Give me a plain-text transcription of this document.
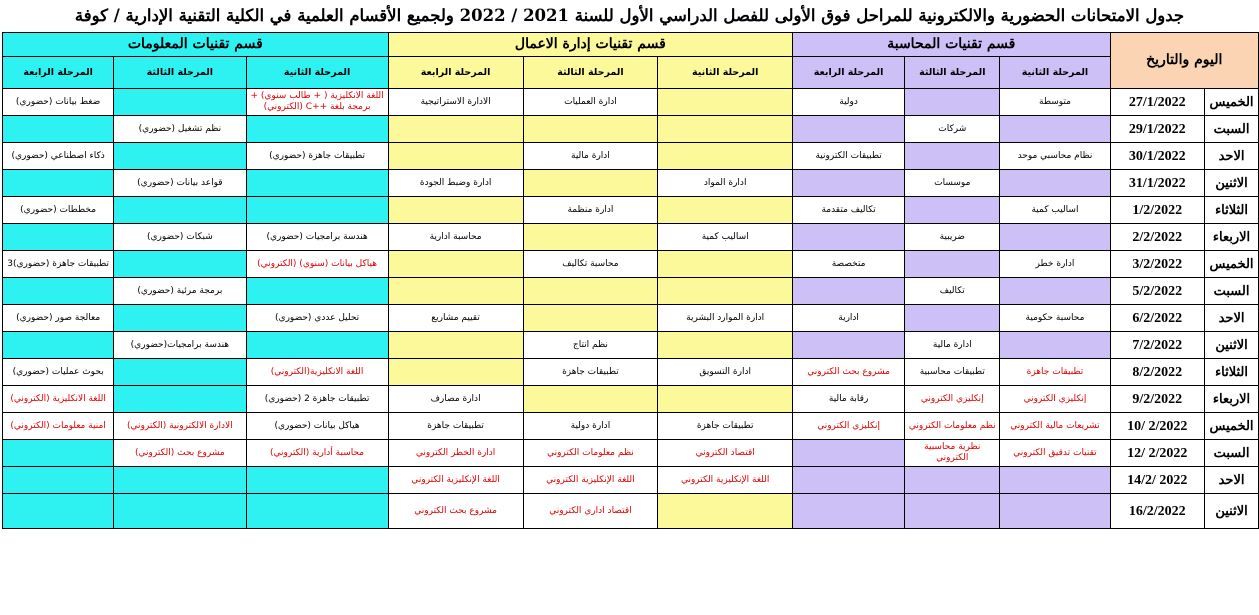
جدول الامتحانات الحضورية والالكترونية للمراحل فوق الأولى للفصل الدراسي الأول للسنة 2021 / 2022 ولجميع الأقسام العلمية في الكلية التقنية الإدارية / كوفة
اليوم والتاريخ		قسم تقنيات المحاسبة			قسم تقنيات إدارة الاعمال			قسم تقنيات المعلومات		
		المرحلة الثانية	المرحلة الثالثة	المرحلة الرابعة	المرحلة الثانية	المرحلة الثالثة	المرحلة الرابعة	المرحلة الثانية	المرحلة الثالثة	المرحلة الرابعة
الخميس	27/1/2022	متوسطة		دولية		ادارة العمليات	الادارة الاستراتيجية	اللغة الانكليزية ( + طالب سنوي) + برمجة بلغة ++C (الكتروني)		ضغط بيانات (حضوري)
السبت	29/1/2022		شركات						نظم تشغيل (حضوري)	
الاحد	30/1/2022	نظام محاسبي موحد		تطبيقات الكترونية		ادارة مالية		تطبيقات جاهزة (حضوري)		ذكاء اصطناعي (حضوري)
الاثنين	31/1/2022		موسسات		ادارة المواد		ادارة وضبط الجودة		قواعد بيانات (حضوري)	
الثلاثاء	1/2/2022	اساليب كمية		تكاليف متقدمة		ادارة منظمة				مخططات (حضوري)
الاربعاء	2/2/2022		ضريبية		اساليب كمية		محاسبة ادارية	هندسة برامجيات (حضوري)	شبكات (حضوري)	
الخميس	3/2/2022	ادارة خطر		متخصصة		محاسبة تكاليف		هياكل بيانات (سنوي) (الكتروني)		تطبيقات جاهزة (حضوري)3
السبت	5/2/2022		تكاليف						برمجة مرئية (حضوري)	
الاحد	6/2/2022	محاسبة حكومية		ادارية	ادارة الموارد البشرية		تقييم مشاريع	تحليل عددي (حضوري)		معالجة صور (حضوري)
الاثنين	7/2/2022		ادارة مالية			نظم انتاج			هندسة برامجيات(حضوري)	
الثلاثاء	8/2/2022	تطبيقات جاهزة	تطبيقات محاسبية	مشروع بحث الكتروني	ادارة التسويق	تطبيقات جاهزة		اللغة الانكليزية(الكتروني)		بحوث عمليات (حضوري)
الاربعاء	9/2/2022	إنكليزي الكتروني	إنكليزي الكتروني	رقابة مالية			ادارة مصارف	تطبيقات جاهزة 2 (حضوري)		اللغة الانكليزية (الكتروني)
الخميس	10/ 2/2022	تشريعات مالية الكتروني	نظم معلومات الكتروني	إنكليزي الكتروني	تطبيقات جاهزة	ادارة دولية	تطبيقات جاهزة	هياكل بيانات (حضوري)	الادارة الالكترونية (الكتروني)	امنية معلومات (الكتروني)
السبت	12/ 2/2022	تقنيات تدقيق الكتروني	نظرية محاسبية الكتروني		اقتصاد الكتروني	نظم معلومات الكتروني	ادارة الخطر الكتروني	محاسبة أدارية (الكتروني)	مشروع بحث (الكتروني)	
الاحد	14/2/ 2022				اللغة الإنكليزية الكتروني	اللغة الإنكليزية الكتروني	اللغة الإنكليزية الكتروني			
الاثنين	16/2/2022					اقتصاد اداري الكتروني	مشروع بحث الكتروني			
